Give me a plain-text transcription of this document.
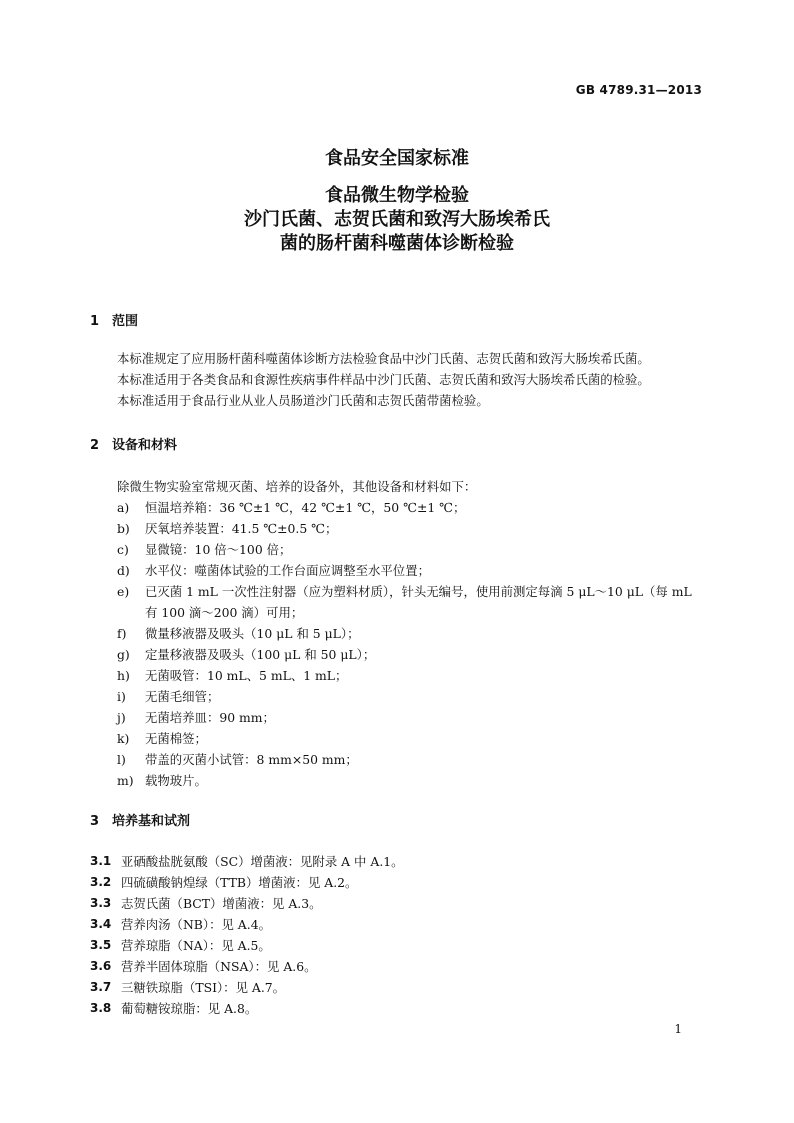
GB 4789.31—2013
食品安全国家标准
食品微生物学检验
沙门氏菌、志贺氏菌和致泻大肠埃希氏
菌的肠杆菌科噬菌体诊断检验
1 范围

本标准规定了应用肠杆菌科噬菌体诊断方法检验食品中沙门氏菌、志贺氏菌和致泻大肠埃希氏菌。

本标准适用于各类食品和食源性疾病事件样品中沙门氏菌、志贺氏菌和致泻大肠埃希氏菌的检验。

本标准适用于食品行业从业人员肠道沙门氏菌和志贺氏菌带菌检验。

2 设备和材料
除微生物实验室常规灭菌、培养的设备外，其他设备和材料如下：
a)	恒温培养箱：36 ℃±1 ℃，42 ℃±1 ℃，50 ℃±1 ℃；
b)	厌氧培养装置：41.5 ℃±0.5 ℃；
c)	显微镜：10 倍～100 倍；
d)	水平仪：噬菌体试验的工作台面应调整至水平位置；
e)	已灭菌 1 mL 一次性注射器（应为塑料材质），针头无编号，使用前测定每滴 5 μL～10 μL（每 mL 有 100 滴～200 滴）可用；
f)	微量移液器及吸头（10 μL 和 5 μL）；
g)	定量移液器及吸头（100 μL 和 50 μL）；
h)	无菌吸管：10 mL、5 mL、1 mL；
i)	无菌毛细管；
j)	无菌培养皿：90 mm；
k)	无菌棉签；
l)	带盖的灭菌小试管：8 mm×50 mm；
m) 载物玻片。
3 培养基和试剂
3.1 亚硒酸盐胱氨酸（SC）增菌液：见附录 A 中 A.1。
3.2 四硫磺酸钠煌绿（TTB）增菌液：见 A.2。
3.3 志贺氏菌（BCT）增菌液：见 A.3。
3.4 营养肉汤（NB）：见 A.4。
3.5 营养琼脂（NA）：见 A.5。
3.6 营养半固体琼脂（NSA）：见 A.6。
3.7 三糖铁琼脂（TSI）：见 A.7。
3.8 葡萄糖铵琼脂：见 A.8。
1
